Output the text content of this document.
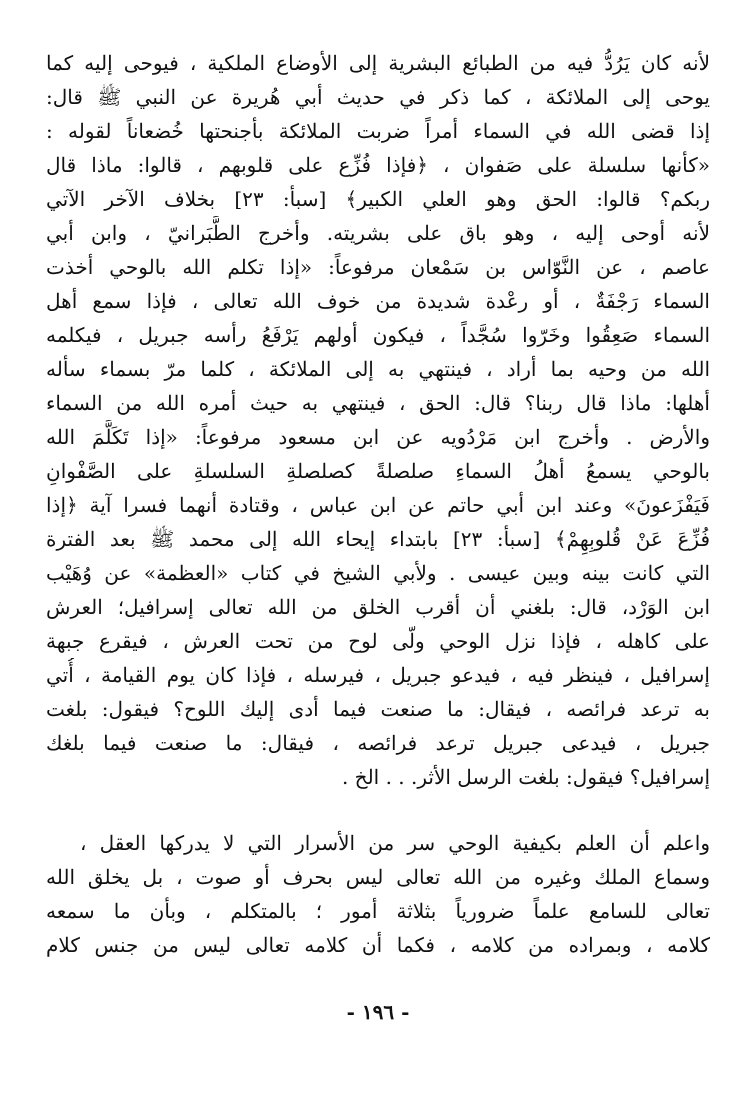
لأنه كان يَرُدُّ فيه من الطبائع البشرية إلى الأوضاع الملكية ، فيوحى إليه كما
يوحى إلى الملائكة ، كما ذكر في حديث أبي هُريرة عن النبي ﷺ قال:
إذا قضى الله في السماء أمراً ضربت الملائكة بأجنحتها خُضعاناً لقوله :
«كأنها سلسلة على صَفوان ، ﴿فإذا فُزِّع على قلوبهم ، قالوا: ماذا قال
ربكم؟ قالوا: الحق وهو العلي الكبير﴾ [سبأ: ٢٣] بخلاف الآخر الآتي
لأنه أوحى إليه ، وهو باق على بشريته. وأخرج الطَّبَرانيّ ، وابن أبي
عاصم ، عن النَّوّاس بن سَمْعان مرفوعاً: «إذا تكلم الله بالوحي أخذت
السماء رَجْفَةٌ ، أو رعْدة شديدة من خوف الله تعالى ، فإذا سمع أهل
السماء صَعِقُوا وخَرّوا سُجَّداً ، فيكون أولهم يَرْفَعُ رأسه جبريل ، فيكلمه
الله من وحيه بما أراد ، فينتهي به إلى الملائكة ، كلما مرّ بسماء سأله
أهلها: ماذا قال ربنا؟ قال: الحق ، فينتهي به حيث أمره الله من السماء
والأرض . وأخرج ابن مَرْدُويه عن ابن مسعود مرفوعاً: «إذا تَكَلَّمَ الله
بالوحي يسمعُ أهلُ السماءِ صلصلةً كصلصلةِ السلسلةِ على الصَّفْوانِ
فَيَفْزَعونَ» وعند ابن أبي حاتم عن ابن عباس ، وقتادة أنهما فسرا آية ﴿إذا
فُزِّعَ عَنْ قُلوبِهِمْ﴾ [سبأ: ٢٣] بابتداء إيحاء الله إلى محمد ﷺ بعد الفترة
التي كانت بينه وبين عيسى . ولأبي الشيخ في كتاب «العظمة» عن وُهَيْب
ابن الوَرْد، قال: بلغني أن أقرب الخلق من الله تعالى إسرافيل؛ العرش
على كاهله ، فإذا نزل الوحي ولّى لوح من تحت العرش ، فيقرع جبهة
إسرافيل ، فينظر فيه ، فيدعو جبريل ، فيرسله ، فإذا كان يوم القيامة ، أُتي
به ترعد فرائصه ، فيقال: ما صنعت فيما أدى إليك اللوح؟ فيقول: بلغت
جبريل ، فيدعى جبريل ترعد فرائصه ، فيقال: ما صنعت فيما بلغك
إسرافيل؟ فيقول: بلغت الرسل الأثر. . . الخ .
واعلم أن العلم بكيفية الوحي سر من الأسرار التي لا يدركها العقل ،
وسماع الملك وغيره من الله تعالى ليس بحرف أو صوت ، بل يخلق الله
تعالى للسامع علماً ضرورياً بثلاثة أمور ؛ بالمتكلم ، وبأن ما سمعه
كلامه ، وبمراده من كلامه ، فكما أن كلامه تعالى ليس من جنس كلام
- ١٩٦ -
